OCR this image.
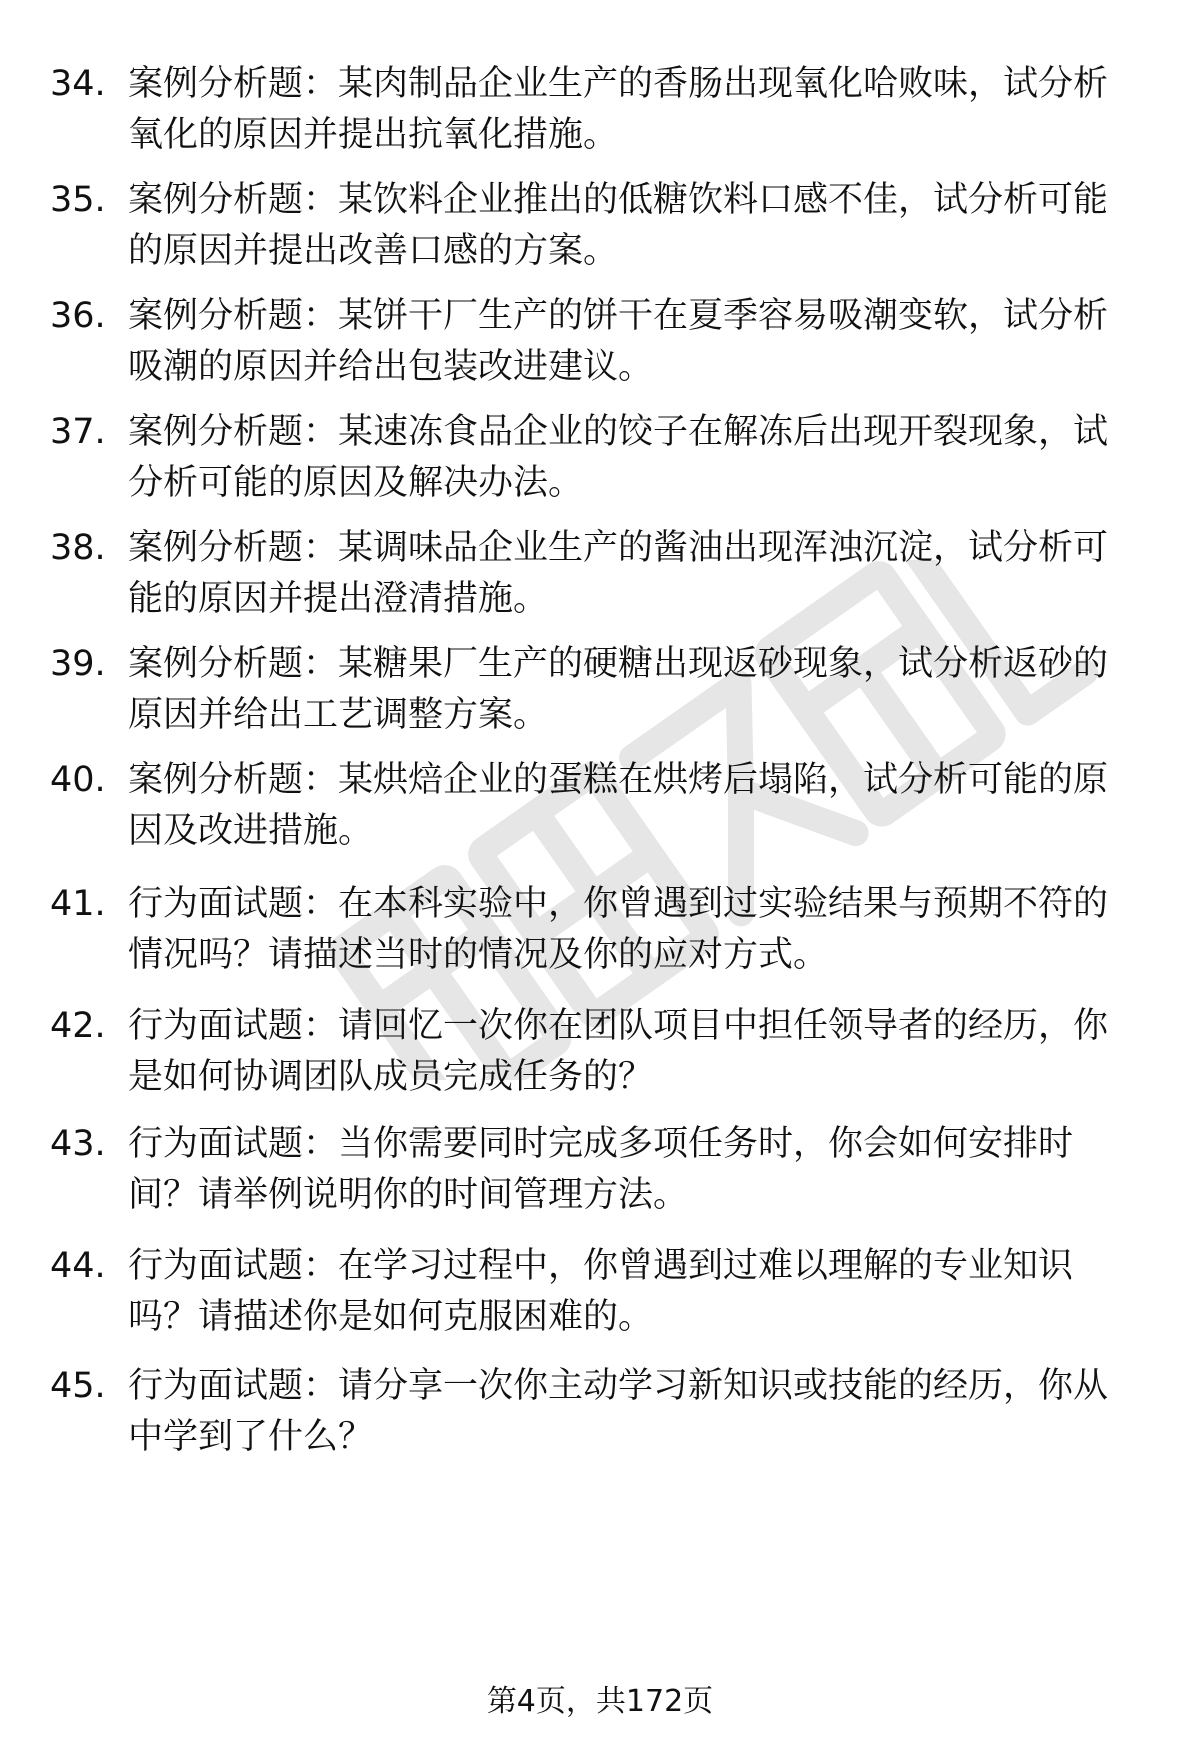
34. 案例分析题：某肉制品企业生产的香肠出现氧化哈败味，试分析
氧化的原因并提出抗氧化措施。
35. 案例分析题：某饮料企业推出的低糖饮料口感不佳，试分析可能
的原因并提出改善口感的方案。
36. 案例分析题：某饼干厂生产的饼干在夏季容易吸潮变软，试分析
吸潮的原因并给出包装改进建议。
37. 案例分析题：某速冻食品企业的饺子在解冻后出现开裂现象，试
分析可能的原因及解决办法。
38. 案例分析题：某调味品企业生产的酱油出现浑浊沉淀，试分析可
能的原因并提出澄清措施。
39. 案例分析题：某糖果厂生产的硬糖出现返砂现象，试分析返砂的
原因并给出工艺调整方案。
40. 案例分析题：某烘焙企业的蛋糕在烘烤后塌陷，试分析可能的原
因及改进措施。
41. 行为面试题：在本科实验中，你曾遇到过实验结果与预期不符的
情况吗？请描述当时的情况及你的应对方式。
42. 行为面试题：请回忆一次你在团队项目中担任领导者的经历，你
是如何协调团队成员完成任务的？
43. 行为面试题：当你需要同时完成多项任务时，你会如何安排时
间？请举例说明你的时间管理方法。
44. 行为面试题：在学习过程中，你曾遇到过难以理解的专业知识
吗？请描述你是如何克服困难的。
45. 行为面试题：请分享一次你主动学习新知识或技能的经历，你从
中学到了什么？
第4页，共172页
